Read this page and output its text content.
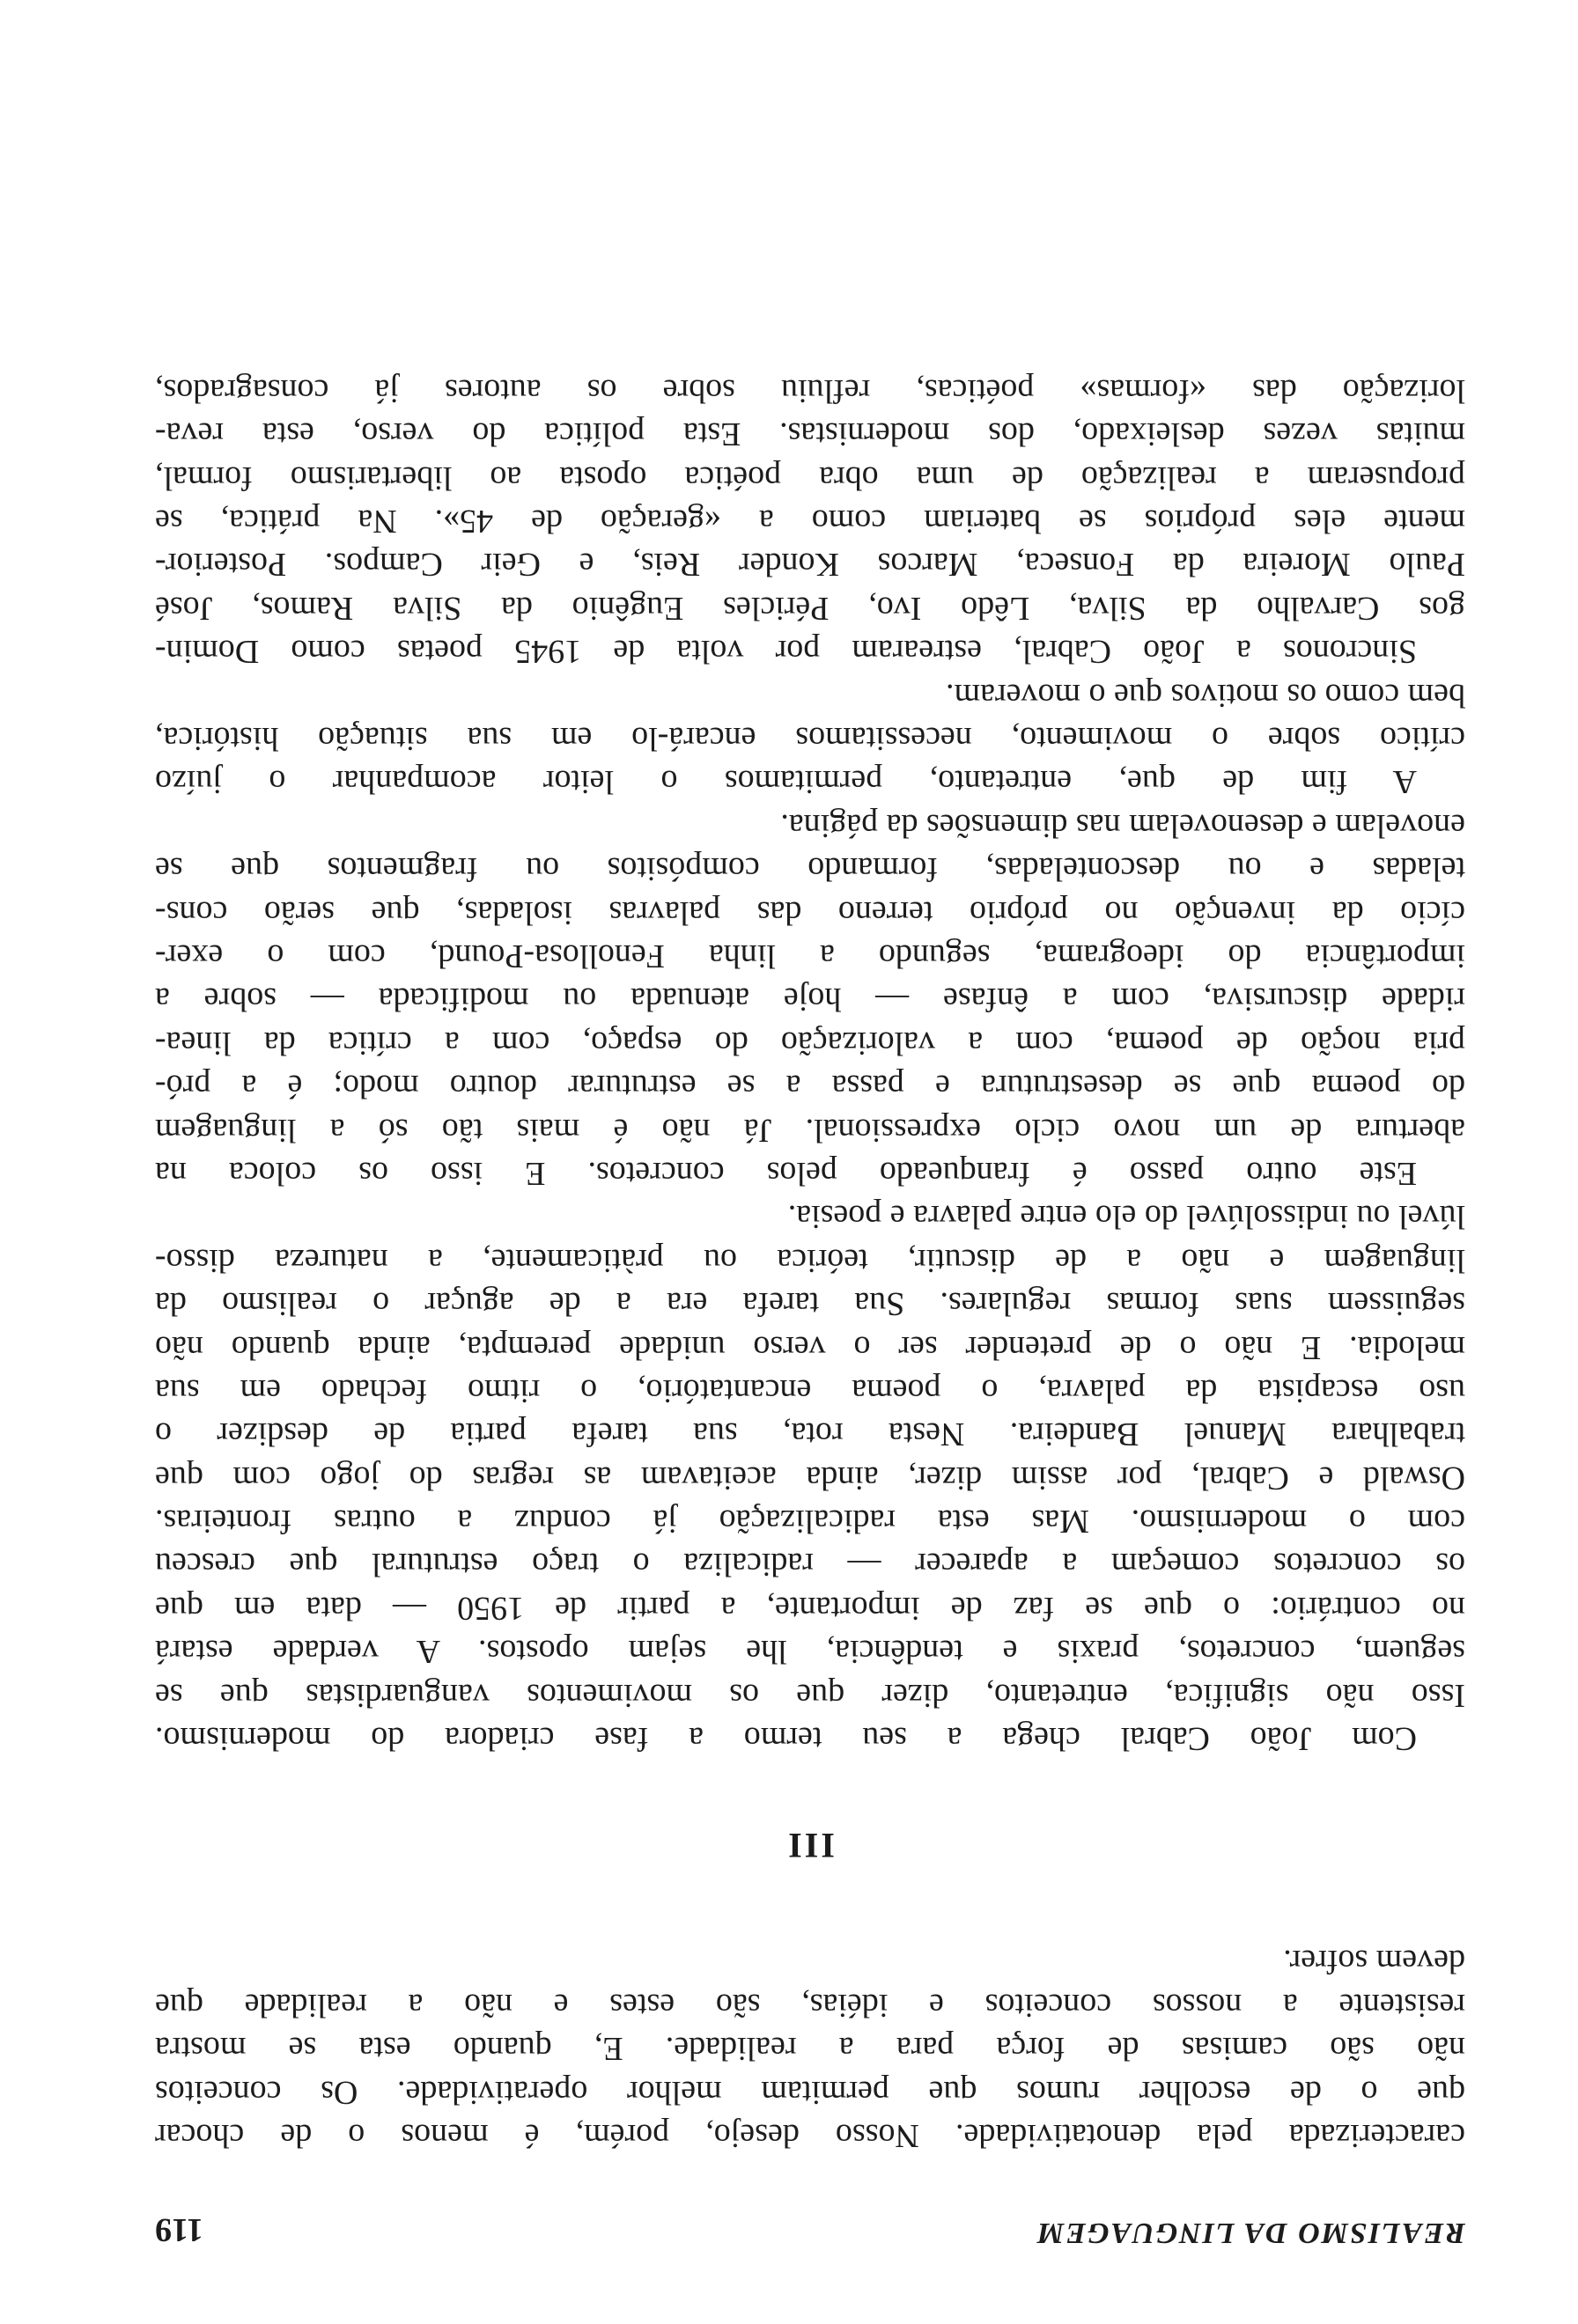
REALISMO DA LINGUAGEM
119
caracterizada pela denotatividade. Nosso desejo, porém, é menos o de chocar
que o de escolher rumos que permitam melhor operatividade. Os conceitos
não são camisas de força para a realidade. E, quando esta se mostra
resistente a nossos conceitos e idéias, são estes e não a realidade que
devem sofrer.
III
Com João Cabral chega a seu termo a fase criadora do modernismo.
Isso não significa, entretanto, dizer que os movimentos vanguardistas que se
seguem, concretos, praxis e tendência, lhe sejam opostos. A verdade estará
no contrário: o que se faz de importante, a partir de 1950 — data em que
os concretos começam a aparecer — radicaliza o traço estrutural que cresceu
com o modernismo. Mas esta radicalização já conduz a outras fronteiras.
Oswald e Cabral, por assim dizer, ainda aceitavam as regras do jogo com que
trabalhara Manuel Bandeira. Nesta rota, sua tarefa partia de desdizer o
uso escapista da palavra, o poema encantatório, o ritmo fechado em sua
melodia. E não o de pretender ser o verso unidade perempta, ainda quando não
seguissem suas formas regulares. Sua tarefa era a de aguçar o realismo da
linguagem e não a de discutir, teórica ou pràticamente, a natureza disso-
lúvel ou indissolúvel do elo entre palavra e poesia.
Este outro passo é franqueado pelos concretos. E isso os coloca na
abertura de um novo ciclo expressional. Já não é mais tão só a linguagem
do poema que se desestrutura e passa a se estruturar doutro modo; é a pró-
pria noção de poema, com a valorização do espaço, com a crítica da linea-
ridade discursiva, com a ênfase — hoje atenuada ou modificada — sobre a
importância do ideograma, segundo a linha Fenollosa-Pound, com o exer-
cício da invenção no próprio terreno das palavras isoladas, que serão cons-
teladas e ou desconteladas, formando compósitos ou fragmentos que se
enovelam e desenovelam nas dimensões da página.
A fim de que, entretanto, permitamos o leitor acompanhar o juízo
crítico sobre o movimento, necessitamos encará-lo em sua situação histórica,
bem como os motivos que o moveram.
Sincronos a João Cabral, estrearam por volta de 1945 poetas como Domin-
gos Carvalho da Silva, Lêdo Ivo, Péricles Eugênio da Silva Ramos, José
Paulo Moreira da Fonseca, Marcos Konder Reis, e Geir Campos. Posterior-
mente eles próprios se bateriam como a «geração de 45». Na prática, se
propuseram a realização de uma obra poética oposta ao libertarismo formal,
muitas vezes desleixado, dos modernistas. Esta política do verso, esta reva-
lorização das «formas» poéticas, refluiu sobre os autores já consagrados,
